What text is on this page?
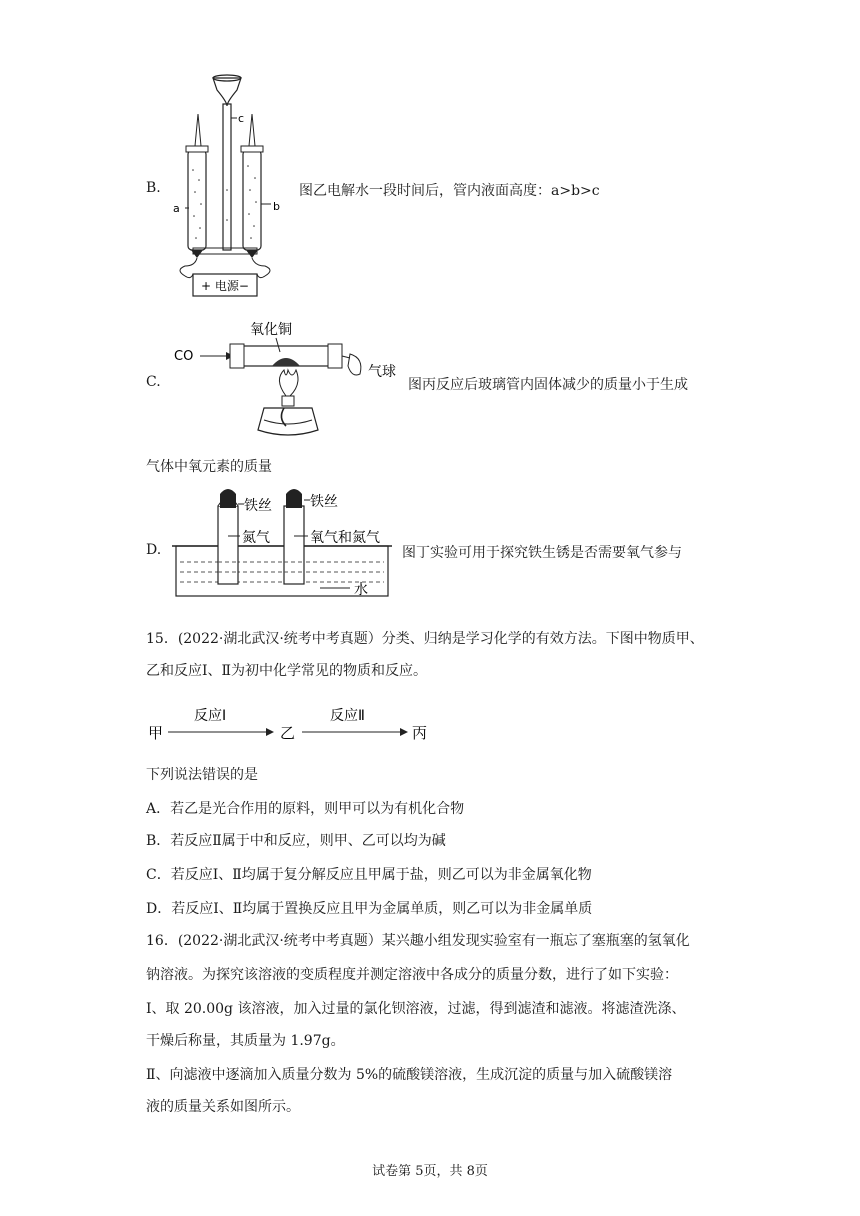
B.
c
a	b
+ 电源−
图乙电解水一段时间后，管内液面高度：a>b>c
C.
氧化铜
CO
气球
图丙反应后玻璃管内固体减少的质量小于生成
气体中氧元素的质量
D.
铁丝	铁丝
氮气	氧气和氮气
水
图丁实验可用于探究铁生锈是否需要氧气参与
15．(2022·湖北武汉·统考中考真题）分类、归纳是学习化学的有效方法。下图中物质甲、
乙和反应Ⅰ、Ⅱ为初中化学常见的物质和反应。
甲
反应Ⅰ
乙
反应Ⅱ
丙
下列说法错误的是
A．若乙是光合作用的原料，则甲可以为有机化合物
B．若反应Ⅱ属于中和反应，则甲、乙可以均为碱
C．若反应Ⅰ、Ⅱ均属于复分解反应且甲属于盐，则乙可以为非金属氧化物
D．若反应Ⅰ、Ⅱ均属于置换反应且甲为金属单质，则乙可以为非金属单质
16．(2022·湖北武汉·统考中考真题）某兴趣小组发现实验室有一瓶忘了塞瓶塞的氢氧化
钠溶液。为探究该溶液的变质程度并测定溶液中各成分的质量分数，进行了如下实验：
Ⅰ、取 20.00g 该溶液，加入过量的氯化钡溶液，过滤，得到滤渣和滤液。将滤渣洗涤、
干燥后称量，其质量为 1.97g。
Ⅱ、向滤液中逐滴加入质量分数为 5%的硫酸镁溶液，生成沉淀的质量与加入硫酸镁溶
液的质量关系如图所示。
试卷第 5页，共 8页
